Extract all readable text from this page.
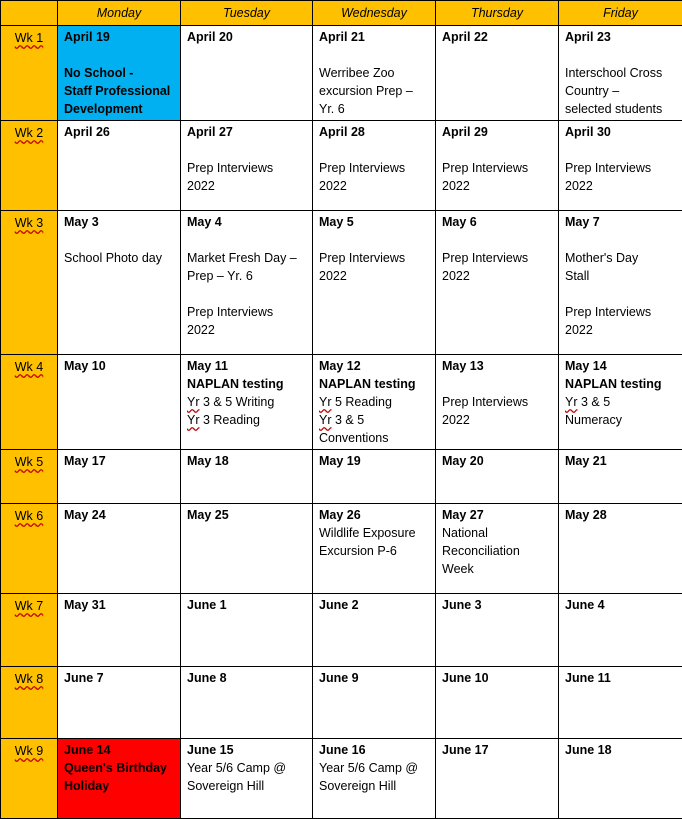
	Monday	Tuesday	Wednesday	Thursday	Friday
Wk 1	April 19
No School -
Staff Professional
Development	April 20	April 21
Werribee Zoo
excursion Prep –
Yr. 6	April 22	April 23
Interschool Cross
Country –
selected students

Wk 2	April 26	April 27
Prep Interviews
2022	April 28
Prep Interviews
2022	April 29
Prep Interviews
2022	April 30
Prep Interviews
2022

Wk 3	May 3
School Photo day	May 4
Market Fresh Day –
Prep – Yr. 6
Prep Interviews
2022	May 5
Prep Interviews
2022	May 6
Prep Interviews
2022	May 7
Mother's Day
Stall
Prep Interviews
2022

Wk 4	May 10	May 11
NAPLAN testing
Yr 3 & 5 Writing
Yr 3 Reading	May 12
NAPLAN testing
Yr 5 Reading
Yr 3 & 5
Conventions	May 13
Prep Interviews
2022	May 14
NAPLAN testing
Yr 3 & 5
Numeracy

Wk 5	May 17	May 18	May 19	May 20	May 21

Wk 6	May 24	May 25	May 26
Wildlife Exposure
Excursion P-6	May 27
National
Reconciliation
Week	May 28

Wk 7	May 31	June 1	June 2	June 3	June 4

Wk 8	June 7	June 8	June 9	June 10	June 11

Wk 9	June 14
Queen's Birthday
Holiday	June 15
Year 5/6 Camp @
Sovereign Hill	June 16
Year 5/6 Camp @
Sovereign Hill	June 17	June 18
